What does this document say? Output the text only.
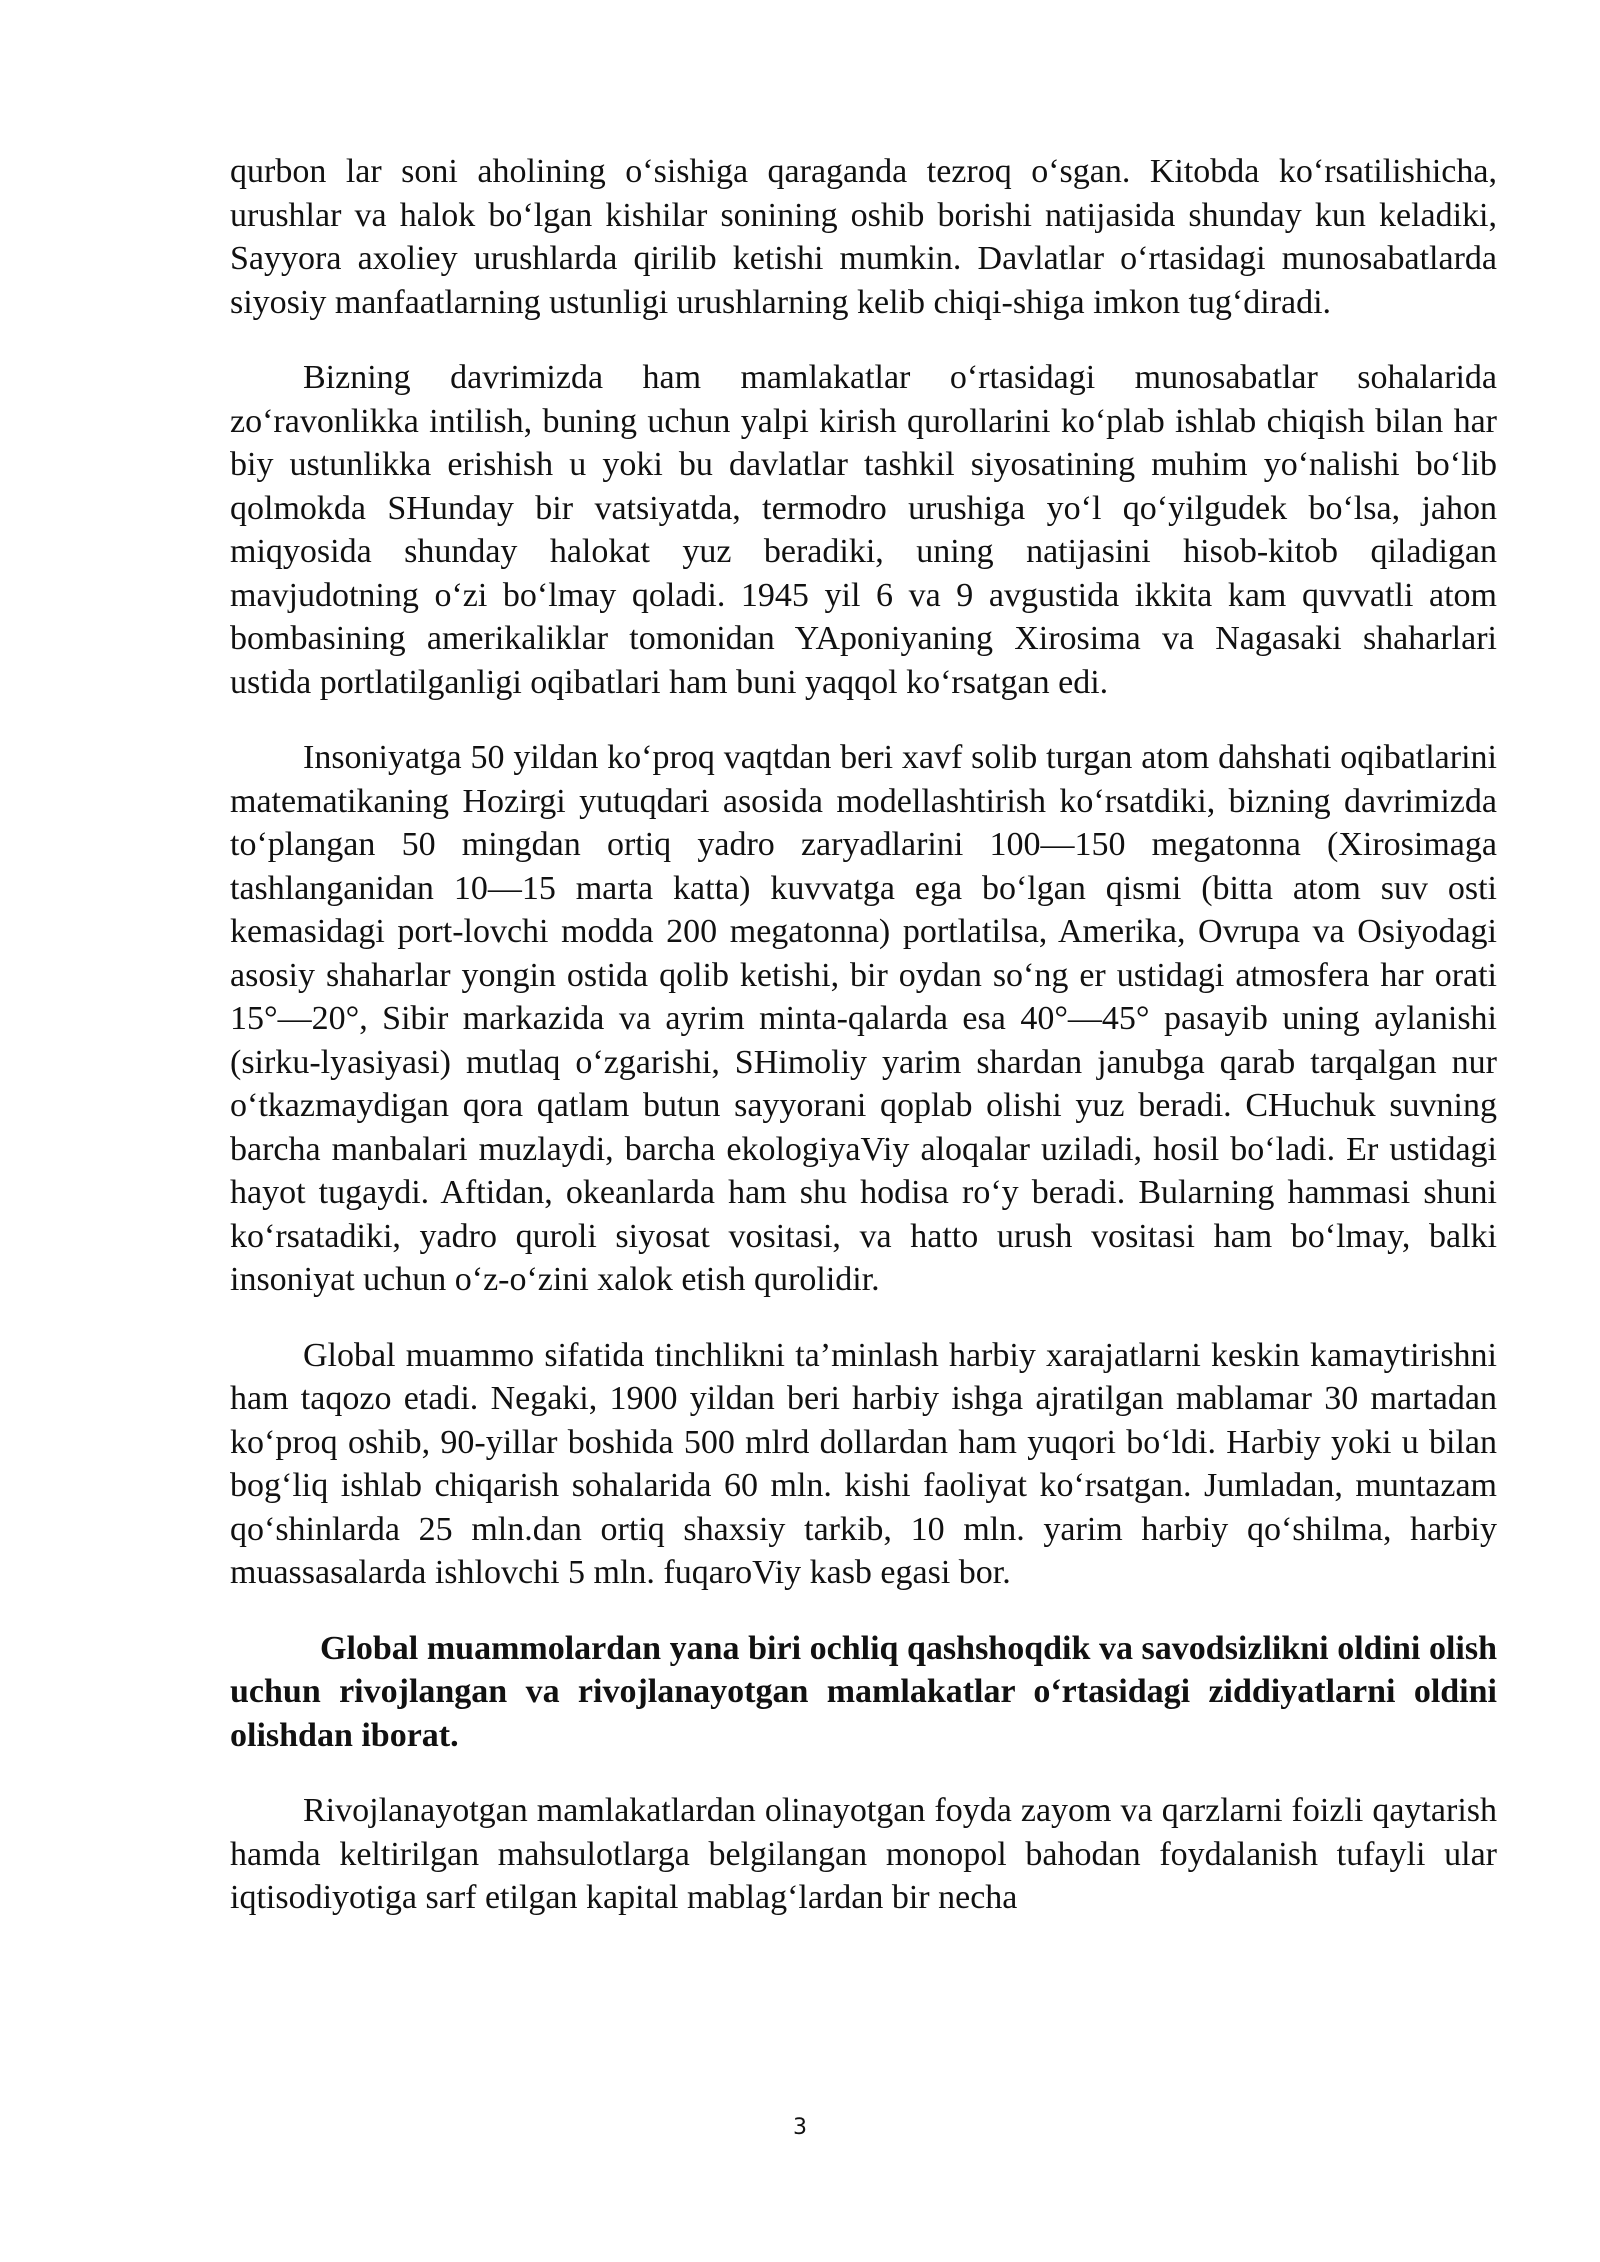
qurbon lar soni aholining o‘sishiga qaraganda tezroq o‘sgan. Kitobda ko‘rsatilishicha, urushlar va halok bo‘lgan kishilar sonining oshib borishi natijasida shunday kun keladiki, Sayyora axoliey urushlarda qirilib ketishi mumkin. Davlatlar o‘rtasidagi munosabatlarda siyosiy manfaatlarning ustunligi urushlarning kelib chiqi-shiga imkon tug‘diradi.

Bizning davrimizda ham mamlakatlar o‘rtasidagi munosabatlar sohalarida zo‘ravonlikka intilish, buning uchun yalpi kirish qurollarini ko‘plab ishlab chiqish bilan har biy ustunlikka erishish u yoki bu davlatlar tashkil siyosatining muhim yo‘nalishi bo‘lib qolmokda SHunday bir vatsiyatda, termodro urushiga yo‘l qo‘yilgudek bo‘lsa, jahon miqyosida shunday halokat yuz beradiki, uning natijasini hisob-kitob qiladigan mavjudotning o‘zi bo‘lmay qoladi. 1945 yil 6 va 9 avgustida ikkita kam quvvatli atom bombasining amerikaliklar tomonidan YAponiyaning Xirosima va Nagasaki shaharlari ustida portlatilganligi oqibatlari ham buni yaqqol ko‘rsatgan edi.

Insoniyatga 50 yildan ko‘proq vaqtdan beri xavf solib turgan atom dahshati oqibatlarini matematikaning Hozirgi yutuqdari asosida modellashtirish ko‘rsatdiki, bizning davrimizda to‘plangan 50 mingdan ortiq yadro zaryadlarini 100—150 megatonna (Xirosimaga tashlanganidan 10—15 marta katta) kuvvatga ega bo‘lgan qismi (bitta atom suv osti kemasidagi port-lovchi modda 200 megatonna) portlatilsa, Amerika, Ovrupa va Osiyodagi asosiy shaharlar yongin ostida qolib ketishi, bir oydan so‘ng er ustidagi atmosfera har orati 15°—20°, Sibir markazida va ayrim minta-qalarda esa 40°—45° pasayib uning aylanishi (sirku-lyasiyasi) mutlaq o‘zgarishi, SHimoliy yarim shardan janubga qarab tarqalgan nur o‘tkazmaydigan qora qatlam butun sayyorani qoplab olishi yuz beradi. CHuchuk suvning barcha manbalari muzlaydi, barcha ekologiyaViy aloqalar uziladi, hosil bo‘ladi. Er ustidagi hayot tugaydi. Aftidan, okeanlarda ham shu hodisa ro‘y beradi. Bularning hammasi shuni ko‘rsatadiki, yadro quroli siyosat vositasi, va hatto urush vositasi ham bo‘lmay, balki insoniyat uchun o‘z-o‘zini xalok etish qurolidir.

Global muammo sifatida tinchlikni ta’minlash harbiy xarajatlarni keskin kamaytirishni ham taqozo etadi. Negaki, 1900 yildan beri harbiy ishga ajratilgan mablamar 30 martadan ko‘proq oshib, 90-yillar boshida 500 mlrd dollardan ham yuqori bo‘ldi. Harbiy yoki u bilan bog‘liq ishlab chiqarish sohalarida 60 mln. kishi faoliyat ko‘rsatgan. Jumladan, muntazam qo‘shinlarda 25 mln.dan ortiq shaxsiy tarkib, 10 mln. yarim harbiy qo‘shilma, harbiy muassasalarda ishlovchi 5 mln. fuqaroViy kasb egasi bor.

Global muammolardan yana biri ochliq qashshoqdik va savodsizlikni oldini olish uchun rivojlangan va rivojlanayotgan mamlakatlar o‘rtasidagi ziddiyatlarni oldini olishdan iborat.

Rivojlanayotgan mamlakatlardan olinayotgan foyda zayom va qarzlarni foizli qaytarish hamda keltirilgan mahsulotlarga belgilangan monopol bahodan foydalanish tufayli ular iqtisodiyotiga sarf etilgan kapital mablag‘lardan bir necha

3
